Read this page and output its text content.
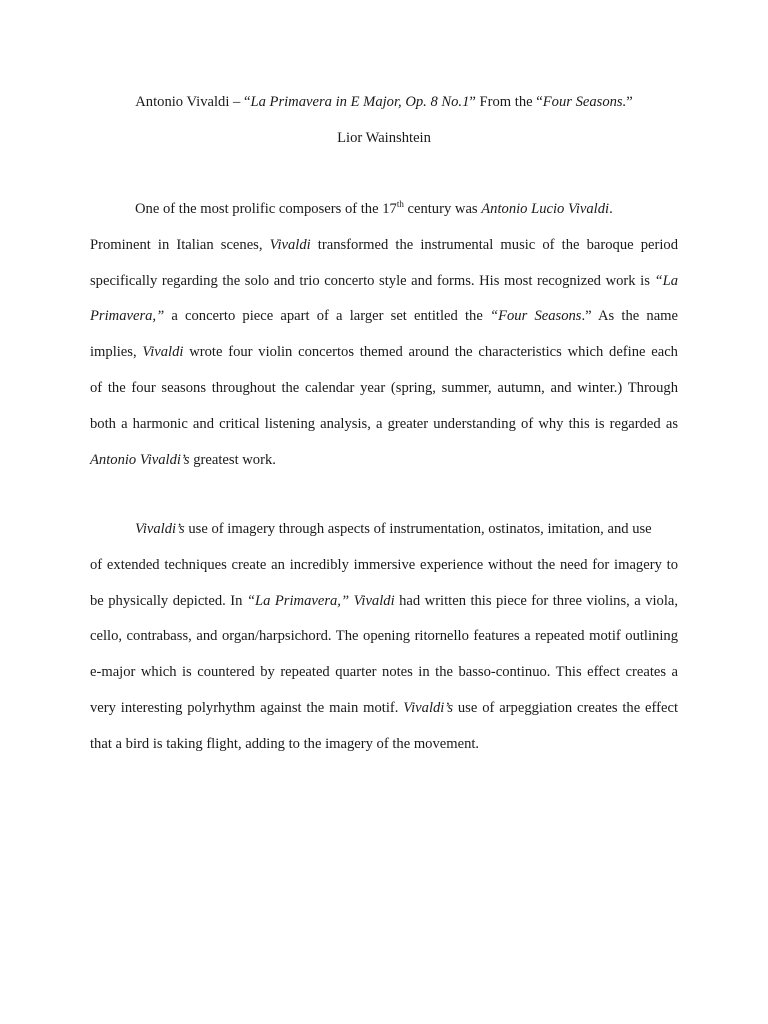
Antonio Vivaldi – “La Primavera in E Major, Op. 8 No.1” From the “Four Seasons.”
Lior Wainshtein
One of the most prolific composers of the 17th century was Antonio Lucio Vivaldi.
Prominent in Italian scenes, Vivaldi transformed the instrumental music of the baroque period
specifically regarding the solo and trio concerto style and forms. His most recognized work is “La
Primavera,” a concerto piece apart of a larger set entitled the “Four Seasons.” As the name
implies, Vivaldi wrote four violin concertos themed around the characteristics which define each
of the four seasons throughout the calendar year (spring, summer, autumn, and winter.) Through
both a harmonic and critical listening analysis, a greater understanding of why this is regarded as
Antonio Vivaldi’s greatest work.
Vivaldi’s use of imagery through aspects of instrumentation, ostinatos, imitation, and use
of extended techniques create an incredibly immersive experience without the need for imagery to
be physically depicted. In “La Primavera,” Vivaldi had written this piece for three violins, a viola,
cello, contrabass, and organ/harpsichord. The opening ritornello features a repeated motif outlining
e-major which is countered by repeated quarter notes in the basso-continuo. This effect creates a
very interesting polyrhythm against the main motif. Vivaldi’s use of arpeggiation creates the effect
that a bird is taking flight, adding to the imagery of the movement.
